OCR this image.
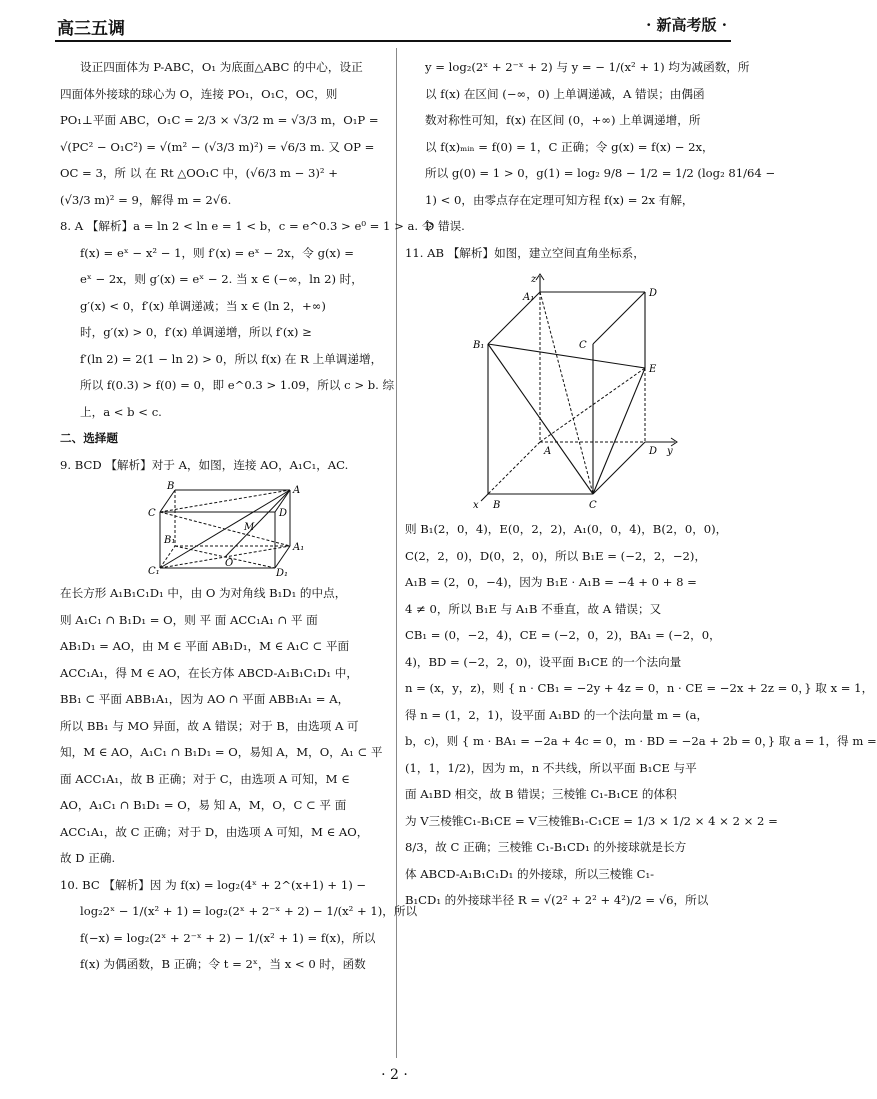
高三五调	· 新高考版 ·

设正四面体为 P-ABC，O₁ 为底面△ABC 的中心，设正

四面体外接球的球心为 O，连接 PO₁，O₁C，OC，则

PO₁⊥平面 ABC，O₁C = 2/3 × √3/2 m = √3/3 m，O₁P =

√(PC² − O₁C²) = √(m² − (√3/3 m)²) = √6/3 m. 又 OP =

OC = 3，所 以 在 Rt △OO₁C 中，(√6/3 m − 3)² +

(√3/3 m)² = 9，解得 m = 2√6.

8. A 【解析】a = ln 2 < ln e = 1 < b，c = e^0.3 > e⁰ = 1 > a. 令

f(x) = eˣ − x² − 1，则 f′(x) = eˣ − 2x，令 g(x) =

eˣ − 2x，则 g′(x) = eˣ − 2. 当 x ∈ (−∞，ln 2) 时，

g′(x) < 0，f′(x) 单调递减；当 x ∈ (ln 2，+∞)

时，g′(x) > 0，f′(x) 单调递增，所以 f′(x) ≥

f′(ln 2) = 2(1 − ln 2) > 0，所以 f(x) 在 R 上单调递增，

所以 f(0.3) > f(0) = 0，即 e^0.3 > 1.09，所以 c > b. 综

上，a < b < c.

二、选择题

9. BCD 【解析】对于 A，如图，连接 AO，A₁C₁，AC.

B	A
C	D
M
B₁
A₁
C₁
O
D₁

在长方形 A₁B₁C₁D₁ 中，由 O 为对角线 B₁D₁ 的中点，

则 A₁C₁ ∩ B₁D₁ = O，则 平 面 ACC₁A₁ ∩ 平 面

AB₁D₁ = AO，由 M ∈ 平面 AB₁D₁，M ∈ A₁C ⊂ 平面

ACC₁A₁，得 M ∈ AO，在长方体 ABCD-A₁B₁C₁D₁ 中，

BB₁ ⊂ 平面 ABB₁A₁，因为 AO ∩ 平面 ABB₁A₁ = A，

所以 BB₁ 与 MO 异面，故 A 错误；对于 B，由选项 A 可

知，M ∈ AO，A₁C₁ ∩ B₁D₁ = O，易知 A，M，O，A₁ ⊂ 平

面 ACC₁A₁，故 B 正确；对于 C，由选项 A 可知，M ∈

AO，A₁C₁ ∩ B₁D₁ = O，易 知 A，M，O，C ⊂ 平 面

ACC₁A₁，故 C 正确；对于 D，由选项 A 可知，M ∈ AO，

故 D 正确.

10. BC 【解析】因 为 f(x) = log₂(4ˣ + 2^(x+1) + 1) −

log₂2ˣ − 1/(x² + 1) = log₂(2ˣ + 2⁻ˣ + 2) − 1/(x² + 1)，所以

f(−x) = log₂(2ˣ + 2⁻ˣ + 2) − 1/(x² + 1) = f(x)，所以

f(x) 为偶函数，B 正确；令 t = 2ˣ，当 x < 0 时，函数

y = log₂(2ˣ + 2⁻ˣ + 2) 与 y = − 1/(x² + 1) 均为减函数，所

以 f(x) 在区间 (−∞，0) 上单调递减，A 错误；由偶函

数对称性可知，f(x) 在区间 (0，+∞) 上单调递增，所

以 f(x)ₘᵢₙ = f(0) = 1，C 正确；令 g(x) = f(x) − 2x，

所以 g(0) = 1 > 0，g(1) = log₂ 9/8 − 1/2 = 1/2 (log₂ 81/64 −

1) < 0，由零点存在定理可知方程 f(x) = 2x 有解，

D 错误.

11. AB 【解析】如图，建立空间直角坐标系，

z
A₁	D
B₁	C
E
A	D y
x B	C

则 B₁(2，0，4)，E(0，2，2)，A₁(0，0，4)，B(2，0，0)，

C(2，2，0)，D(0，2，0)，所以 B₁E = (−2，2，−2)，

A₁B = (2，0，−4)，因为 B₁E · A₁B = −4 + 0 + 8 =

4 ≠ 0，所以 B₁E 与 A₁B 不垂直，故 A 错误；又

CB₁ = (0，−2，4)，CE = (−2，0，2)，BA₁ = (−2，0，

4)，BD = (−2，2，0)，设平面 B₁CE 的一个法向量

n = (x，y，z)，则 { n · CB₁ = −2y + 4z = 0，n · CE = −2x + 2z = 0，} 取 x = 1，

得 n = (1，2，1)，设平面 A₁BD 的一个法向量 m = (a，

b，c)，则 { m · BA₁ = −2a + 4c = 0，m · BD = −2a + 2b = 0，} 取 a = 1，得 m =

(1，1，1/2)，因为 m，n 不共线，所以平面 B₁CE 与平

面 A₁BD 相交，故 B 错误；三棱锥 C₁-B₁CE 的体积

为 V三棱锥C₁-B₁CE = V三棱锥B₁-C₁CE = 1/3 × 1/2 × 4 × 2 × 2 =

8/3，故 C 正确；三棱锥 C₁-B₁CD₁ 的外接球就是长方

体 ABCD-A₁B₁C₁D₁ 的外接球，所以三棱锥 C₁-

B₁CD₁ 的外接球半径 R = √(2² + 2² + 4²)/2 = √6，所以

· 2 ·
